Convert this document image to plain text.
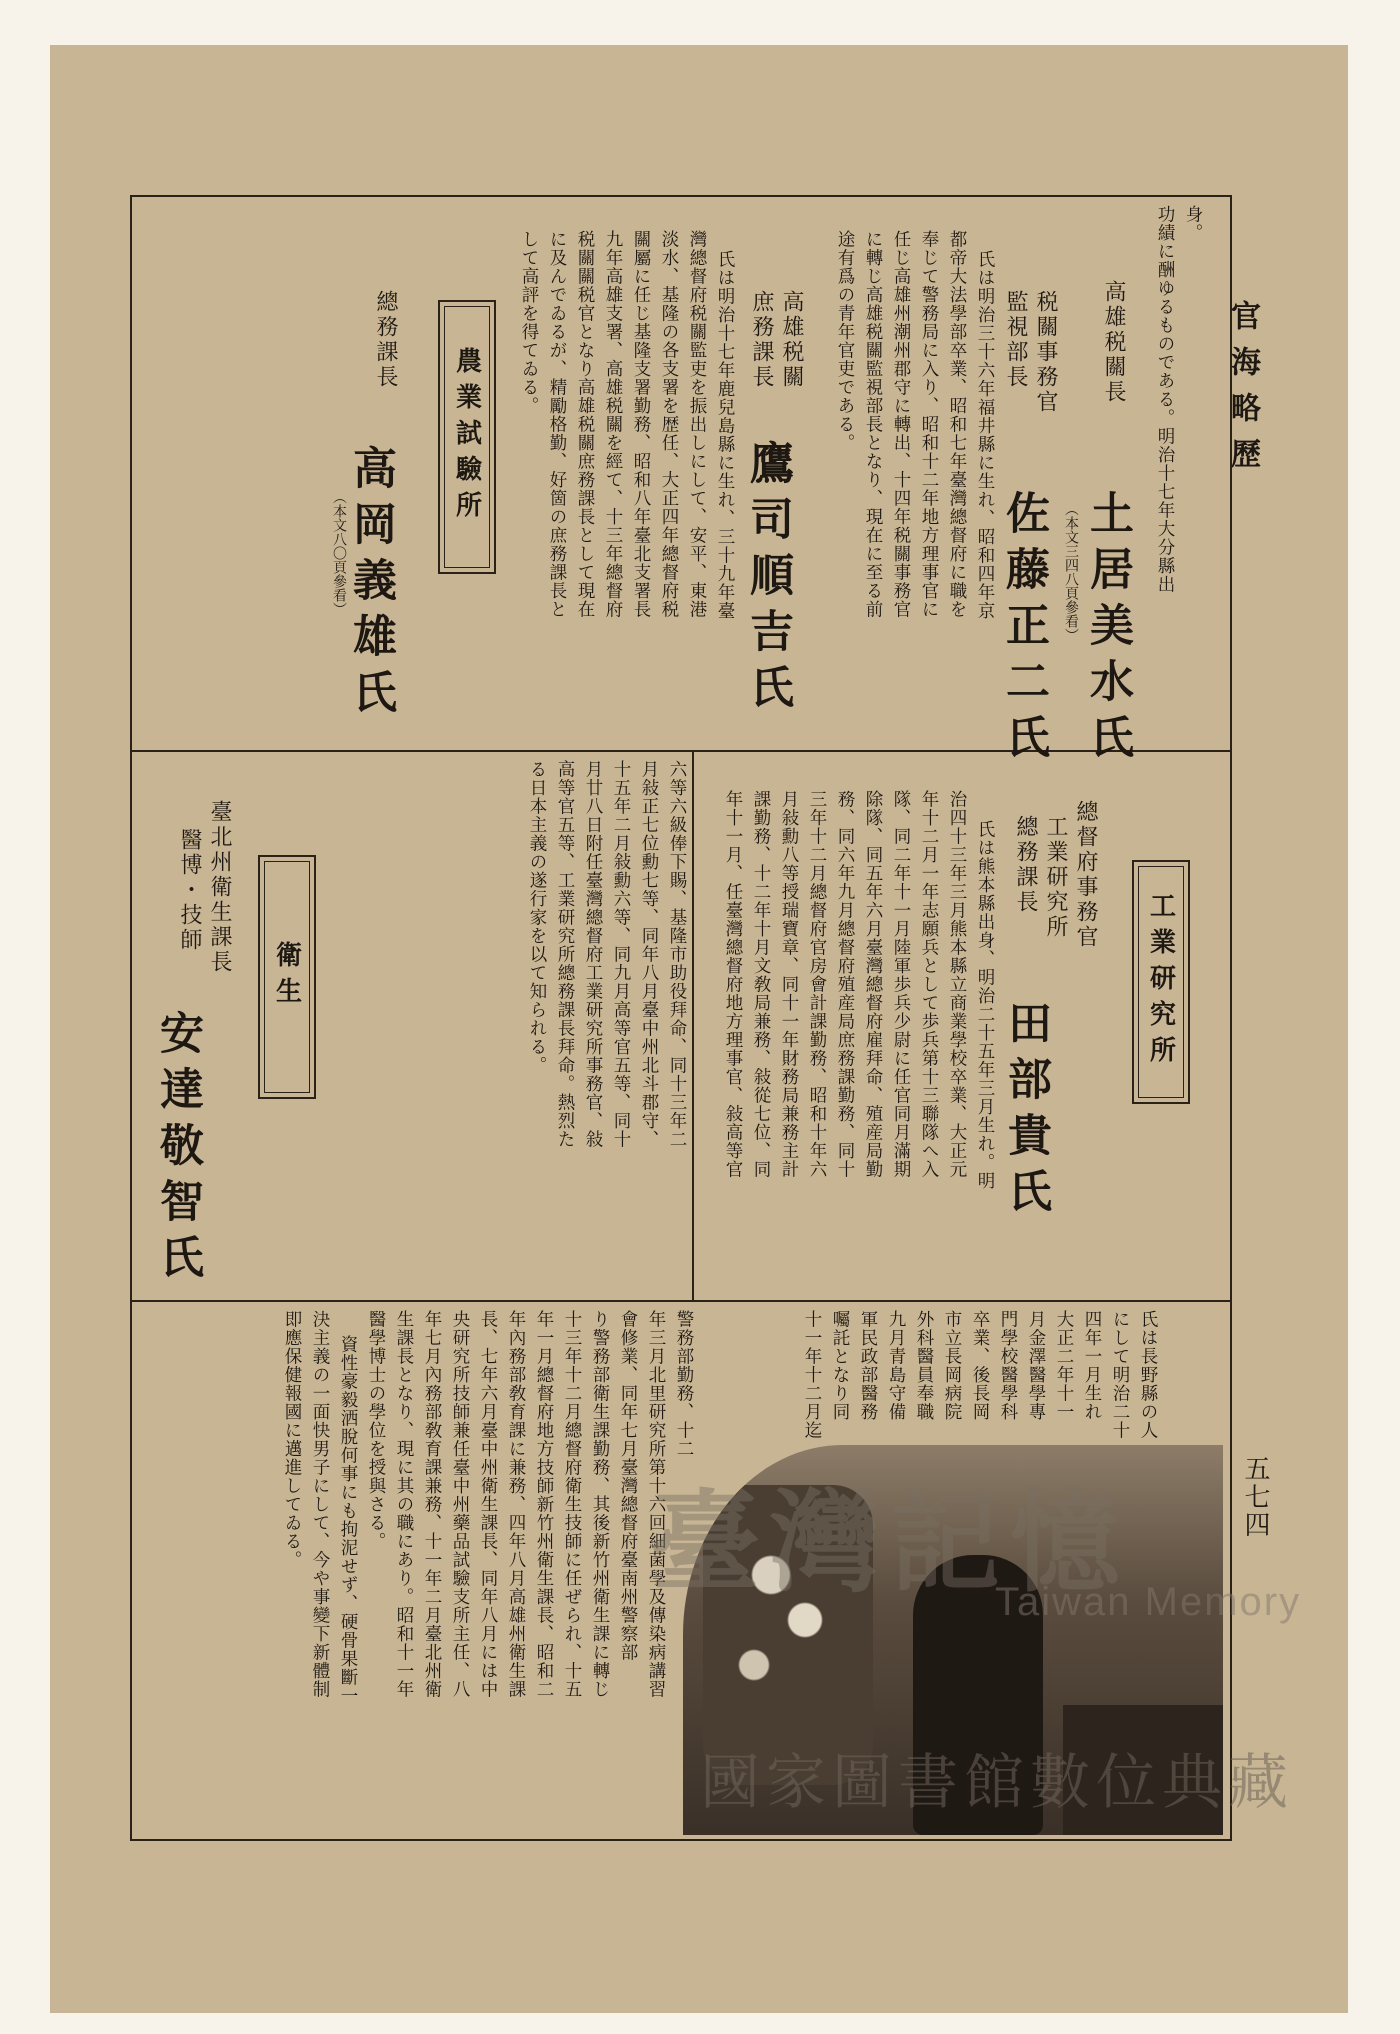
官海略歷
五七四
身。
功績に酬ゆるものである。明治十七年大分縣出
高雄税關長
土居美水氏
（本文三四八頁參看）
税關事務官
監視部長
佐藤正二氏
氏は明治三十六年福井縣に生れ、昭和四年京
都帝大法學部卒業、昭和七年臺灣總督府に職を
奉じて警務局に入り、昭和十二年地方理事官に
任じ高雄州潮州郡守に轉出、十四年税關事務官
に轉じ高雄税關監視部長となり、現在に至る前
途有爲の青年官吏である。
高雄税關
庶務課長
鷹司順吉氏
氏は明治十七年鹿兒島縣に生れ、三十九年臺
灣總督府税關監吏を振出しにして、安平、東港
淡水、基隆の各支署を歴任、大正四年總督府税
關屬に任じ基隆支署勤務、昭和八年臺北支署長
九年高雄支署、高雄税關を經て、十三年總督府
税關關税官となり高雄税關庶務課長として現在
に及んでゐるが、精勵格勤、好箇の庶務課長と
して高評を得てゐる。
農業試驗所
總務課長
高岡義雄氏
（本文八〇頁參看）
工業研究所
總督府事務官
工業研究所
總務課長
田部貴氏
氏は熊本縣出身、明治二十五年三月生れ。明
治四十三年三月熊本縣立商業學校卒業、大正元
年十二月一年志願兵として歩兵第十三聯隊へ入
隊、同二年十一月陸軍歩兵少尉に任官同月滿期
除隊、同五年六月臺灣總督府雇拜命、殖産局勤
務、同六年九月總督府殖産局庶務課勤務、同十
三年十二月總督府官房會計課勤務、昭和十年六
月敍勳八等授瑞寶章、同十一年財務局兼務主計
課勤務、十二年十月文敎局兼務、敍從七位、同
年十一月、任臺灣總督府地方理事官、敍高等官
六等六級俸下賜、基隆市助役拜命、同十三年二
月敍正七位勳七等、同年八月臺中州北斗郡守、
十五年二月敍勳六等、同九月高等官五等、同十
月廿八日附任臺灣總督府工業研究所事務官、敍
高等官五等、工業研究所總務課長拜命。熱烈た
る日本主義の遂行家を以て知られる。
衛生
臺北州衛生課長
醫博・技師
安達敬智氏
氏は長野縣の人
にして明治二十
四年一月生れ
大正二年十一
月金澤醫學專
門學校醫學科
卒業、後長岡
市立長岡病院
外科醫員奉職
九月青島守備
軍民政部醫務
囑託となり同
十一年十二月迄
警務部勤務、十二
年三月北里研究所第十六回細菌學及傳染病講習
會修業、同年七月臺灣總督府臺南州警察部
り警務部衛生課勤務、其後新竹州衛生課に轉じ
十三年十二月總督府衛生技師に任ぜられ、十五
年一月總督府地方技師新竹州衛生課長、昭和二
年內務部敎育課に兼務、四年八月高雄州衛生課
長、七年六月臺中州衛生課長、同年八月には中
央研究所技師兼任臺中州藥品試驗支所主任、八
年七月內務部敎育課兼務、十一年二月臺北州衛
生課長となり、現に其の職にあり。昭和十一年
醫學博士の學位を授與さる。
資性豪毅洒脫何事にも拘泥せず、硬骨果斷一
決主義の一面快男子にして、今や事變下新體制
即應保健報國に邁進してゐる。	臺灣記憶
Taiwan Memory
國家圖書館數位典藏
